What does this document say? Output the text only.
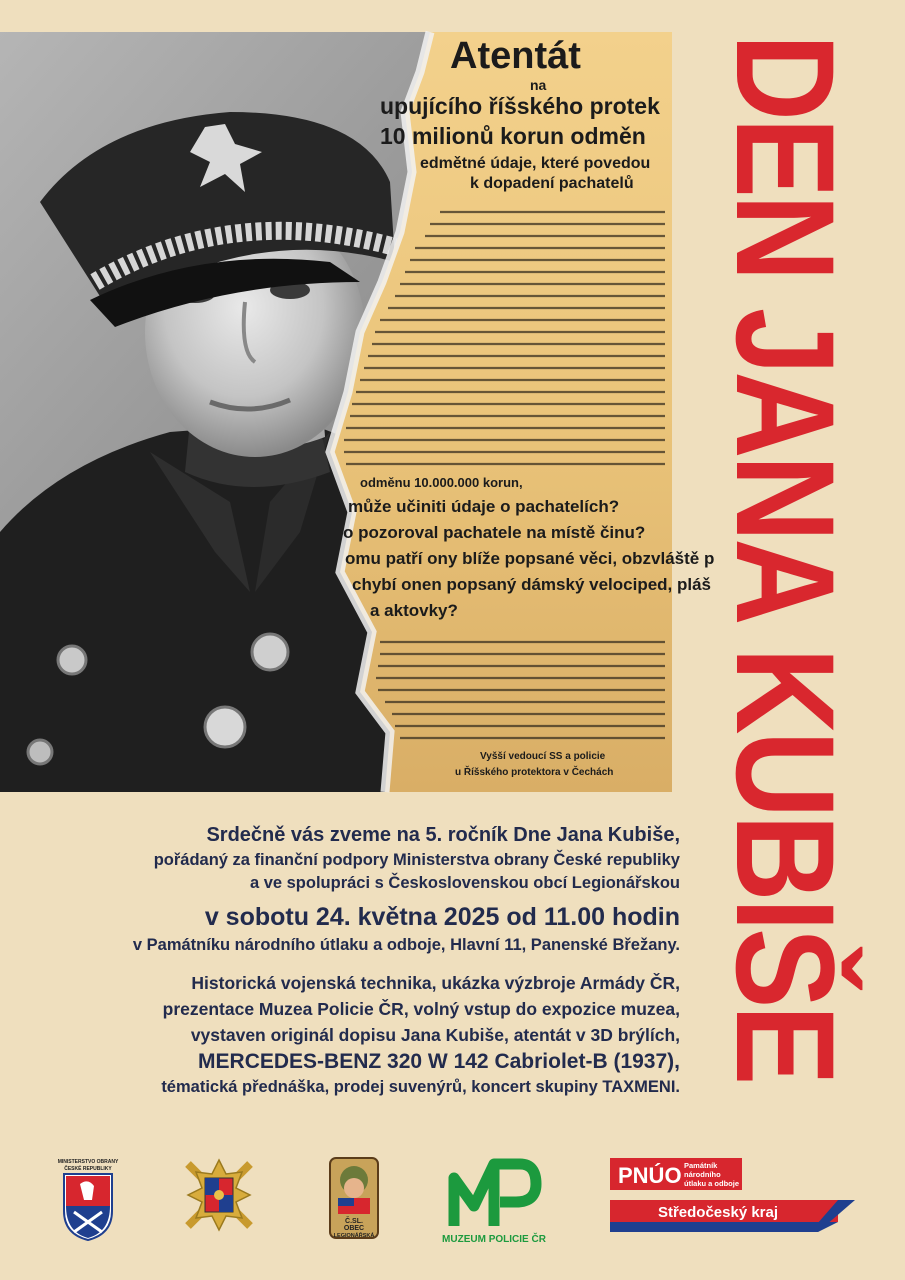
Atentát
na
upujícího říšského protek
10 milionů korun odměn
edmětné údaje, které povedou
k dopadení pachatelů
odměnu 10.000.000 korun,
může učiniti údaje o pachatelích?
o pozoroval pachatele na místě činu?
omu patří ony blíže popsané věci, obzvláště p
chybí onen popsaný dámský velociped, pláš
a aktovky?
Vyšší vedoucí SS a policie
u Říšského protektora v Čechách DEN JANA KUBIŠE
Srdečně vás zveme na 5. ročník Dne Jana Kubiše,
pořádaný za finanční podpory Ministerstva obrany České republiky
a ve spolupráci s Československou obcí Legionářskou
v sobotu 24. května 2025 od 11.00 hodin
v Památníku národního útlaku a odboje, Hlavní 11, Panenské Břežany.
Historická vojenská technika, ukázka výzbroje Armády ČR,
prezentace Muzea Policie ČR, volný vstup do expozice muzea,
vystaven originál dopisu Jana Kubiše, atentát v 3D brýlích,
MERCEDES-BENZ 320 W 142 Cabriolet-B (1937),
tématická přednáška, prodej suvenýrů, koncert skupiny TAXMENI.
MINISTERSTVO OBRANY
ČESKÉ REPUBLIKY
Č.SL.
OBEC
LEGIONÁŘSKÁ	MUZEUM POLICIE ČR
PNÚO Památník
národního
útlaku a odboje
Středočeský kraj
